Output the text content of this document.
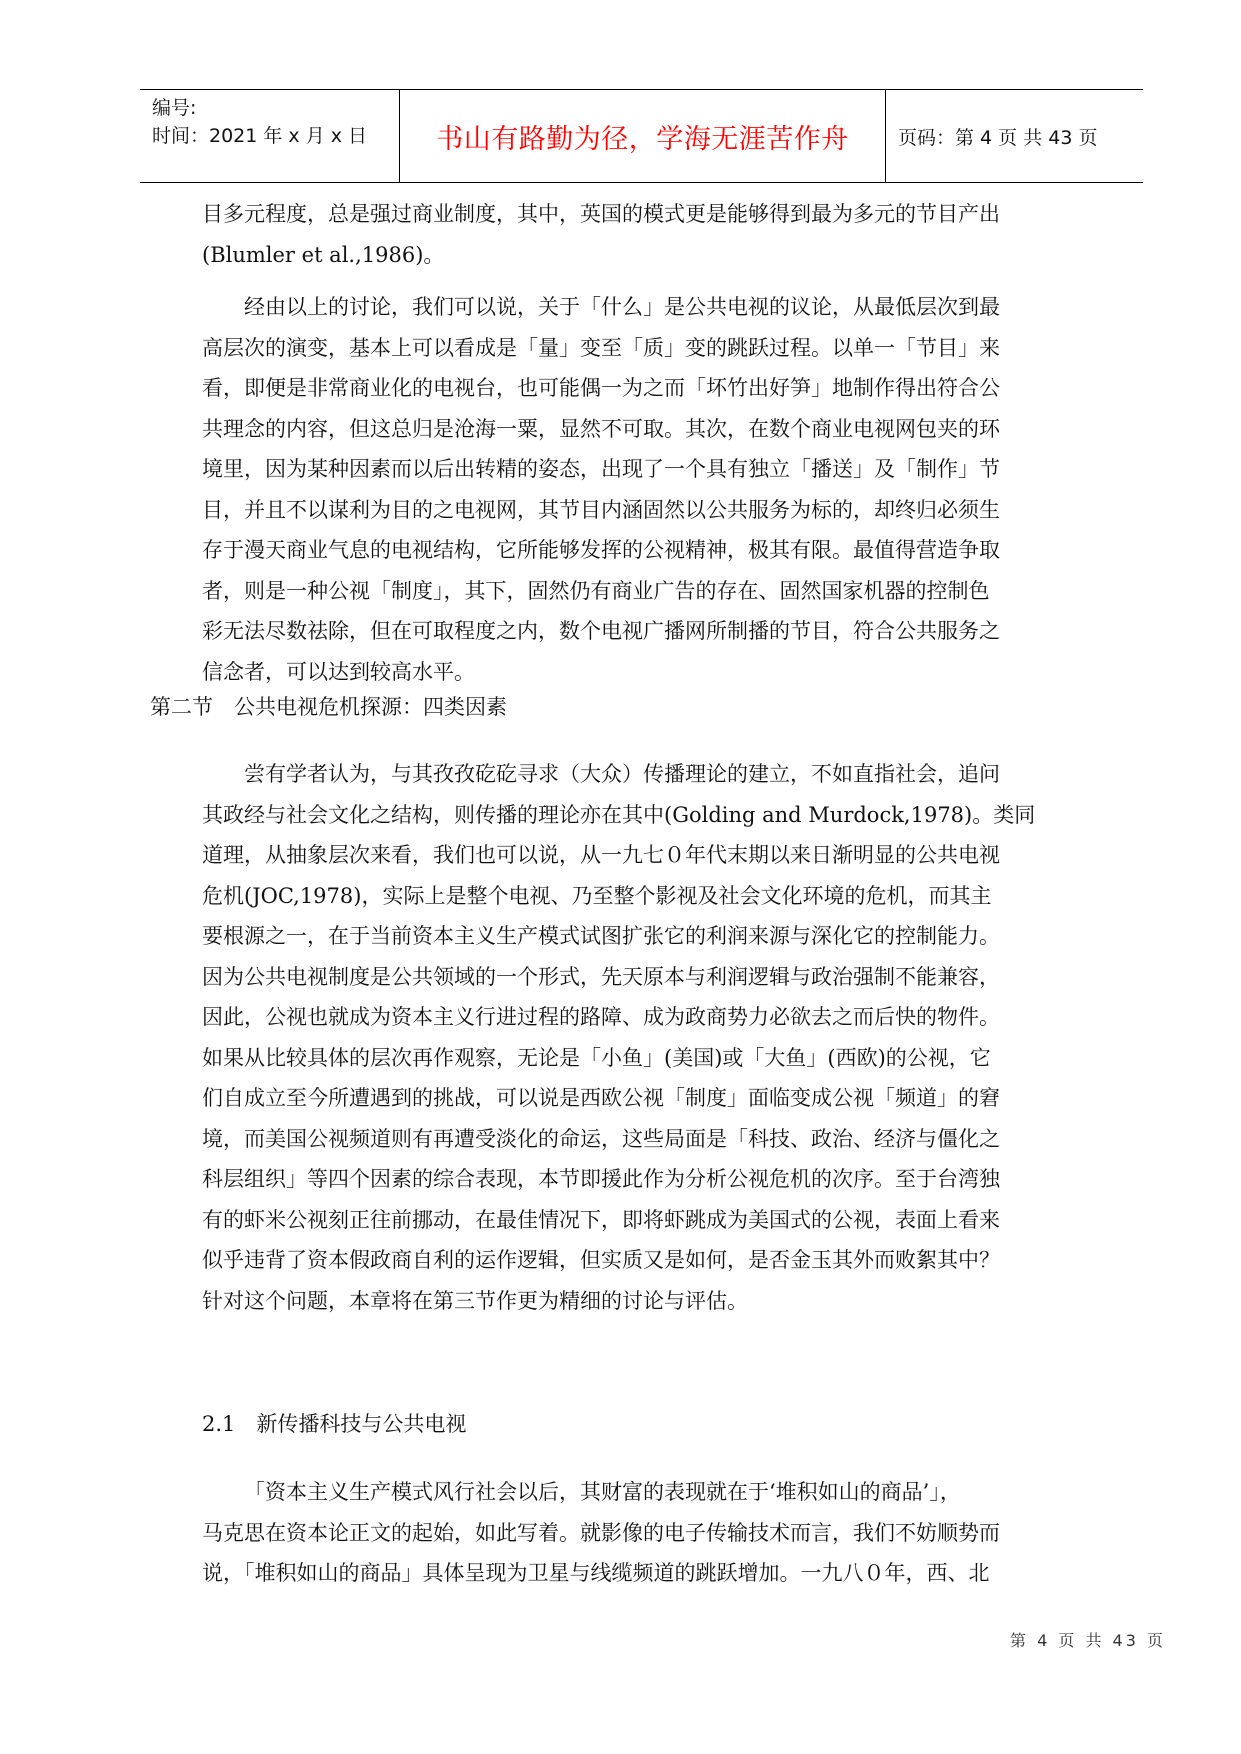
编号:
时间：2021 年 x 月 x 日	书山有路勤为径，学海无涯苦作舟	页码：第 4 页 共 43 页
目多元程度，总是强过商业制度，其中，英国的模式更是能够得到最为多元的节目产出
(Blumler et al.,1986)。
经由以上的讨论，我们可以说，关于「什么」是公共电视的议论，从最低层次到最
高层次的演变，基本上可以看成是「量」变至「质」变的跳跃过程。以单一「节目」来
看，即便是非常商业化的电视台，也可能偶一为之而「坏竹出好笋」地制作得出符合公
共理念的内容，但这总归是沧海一粟，显然不可取。其次，在数个商业电视网包夹的环
境里，因为某种因素而以后出转精的姿态，出现了一个具有独立「播送」及「制作」节
目，并且不以谋利为目的之电视网，其节目内涵固然以公共服务为标的，却终归必须生
存于漫天商业气息的电视结构，它所能够发挥的公视精神，极其有限。最值得营造争取
者，则是一种公视「制度」，其下，固然仍有商业广告的存在、固然国家机器的控制色
彩无法尽数祛除，但在可取程度之内，数个电视广播网所制播的节目，符合公共服务之
信念者，可以达到较高水平。
第二节　公共电视危机探源：四类因素
尝有学者认为，与其孜孜矻矻寻求（大众）传播理论的建立，不如直指社会，追问
其政经与社会文化之结构，则传播的理论亦在其中(Golding and Murdock,1978)。类同
道理，从抽象层次来看，我们也可以说，从一九七０年代末期以来日渐明显的公共电视
危机(JOC,1978)，实际上是整个电视、乃至整个影视及社会文化环境的危机，而其主
要根源之一，在于当前资本主义生产模式试图扩张它的利润来源与深化它的控制能力。
因为公共电视制度是公共领域的一个形式，先天原本与利润逻辑与政治强制不能兼容，
因此，公视也就成为资本主义行进过程的路障、成为政商势力必欲去之而后快的物件。
如果从比较具体的层次再作观察，无论是「小鱼」(美国)或「大鱼」(西欧)的公视，它
们自成立至今所遭遇到的挑战，可以说是西欧公视「制度」面临变成公视「频道」的窘
境，而美国公视频道则有再遭受淡化的命运，这些局面是「科技、政治、经济与僵化之
科层组织」等四个因素的综合表现，本节即援此作为分析公视危机的次序。至于台湾独
有的虾米公视刻正往前挪动，在最佳情况下，即将虾跳成为美国式的公视，表面上看来
似乎违背了资本假政商自利的运作逻辑，但实质又是如何，是否金玉其外而败絮其中？
针对这个问题，本章将在第三节作更为精细的讨论与评估。
2.1　新传播科技与公共电视
「资本主义生产模式风行社会以后，其财富的表现就在于‘堆积如山的商品’」，
马克思在资本论正文的起始，如此写着。就影像的电子传输技术而言，我们不妨顺势而
说，「堆积如山的商品」具体呈现为卫星与线缆频道的跳跃增加。一九八０年，西、北
第 4 页 共 43 页
